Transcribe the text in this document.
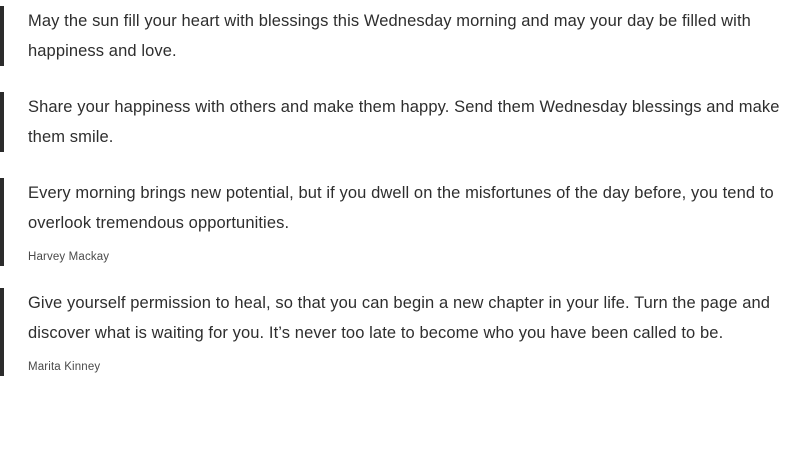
May the sun fill your heart with blessings this Wednesday morning and may your day be filled with happiness and love.

Share your happiness with others and make them happy. Send them Wednesday blessings and make them smile.

Every morning brings new potential, but if you dwell on the misfortunes of the day before, you tend to overlook tremendous opportunities.

Harvey Mackay

Give yourself permission to heal, so that you can begin a new chapter in your life. Turn the page and discover what is waiting for you. It’s never too late to become who you have been called to be.

Marita Kinney
